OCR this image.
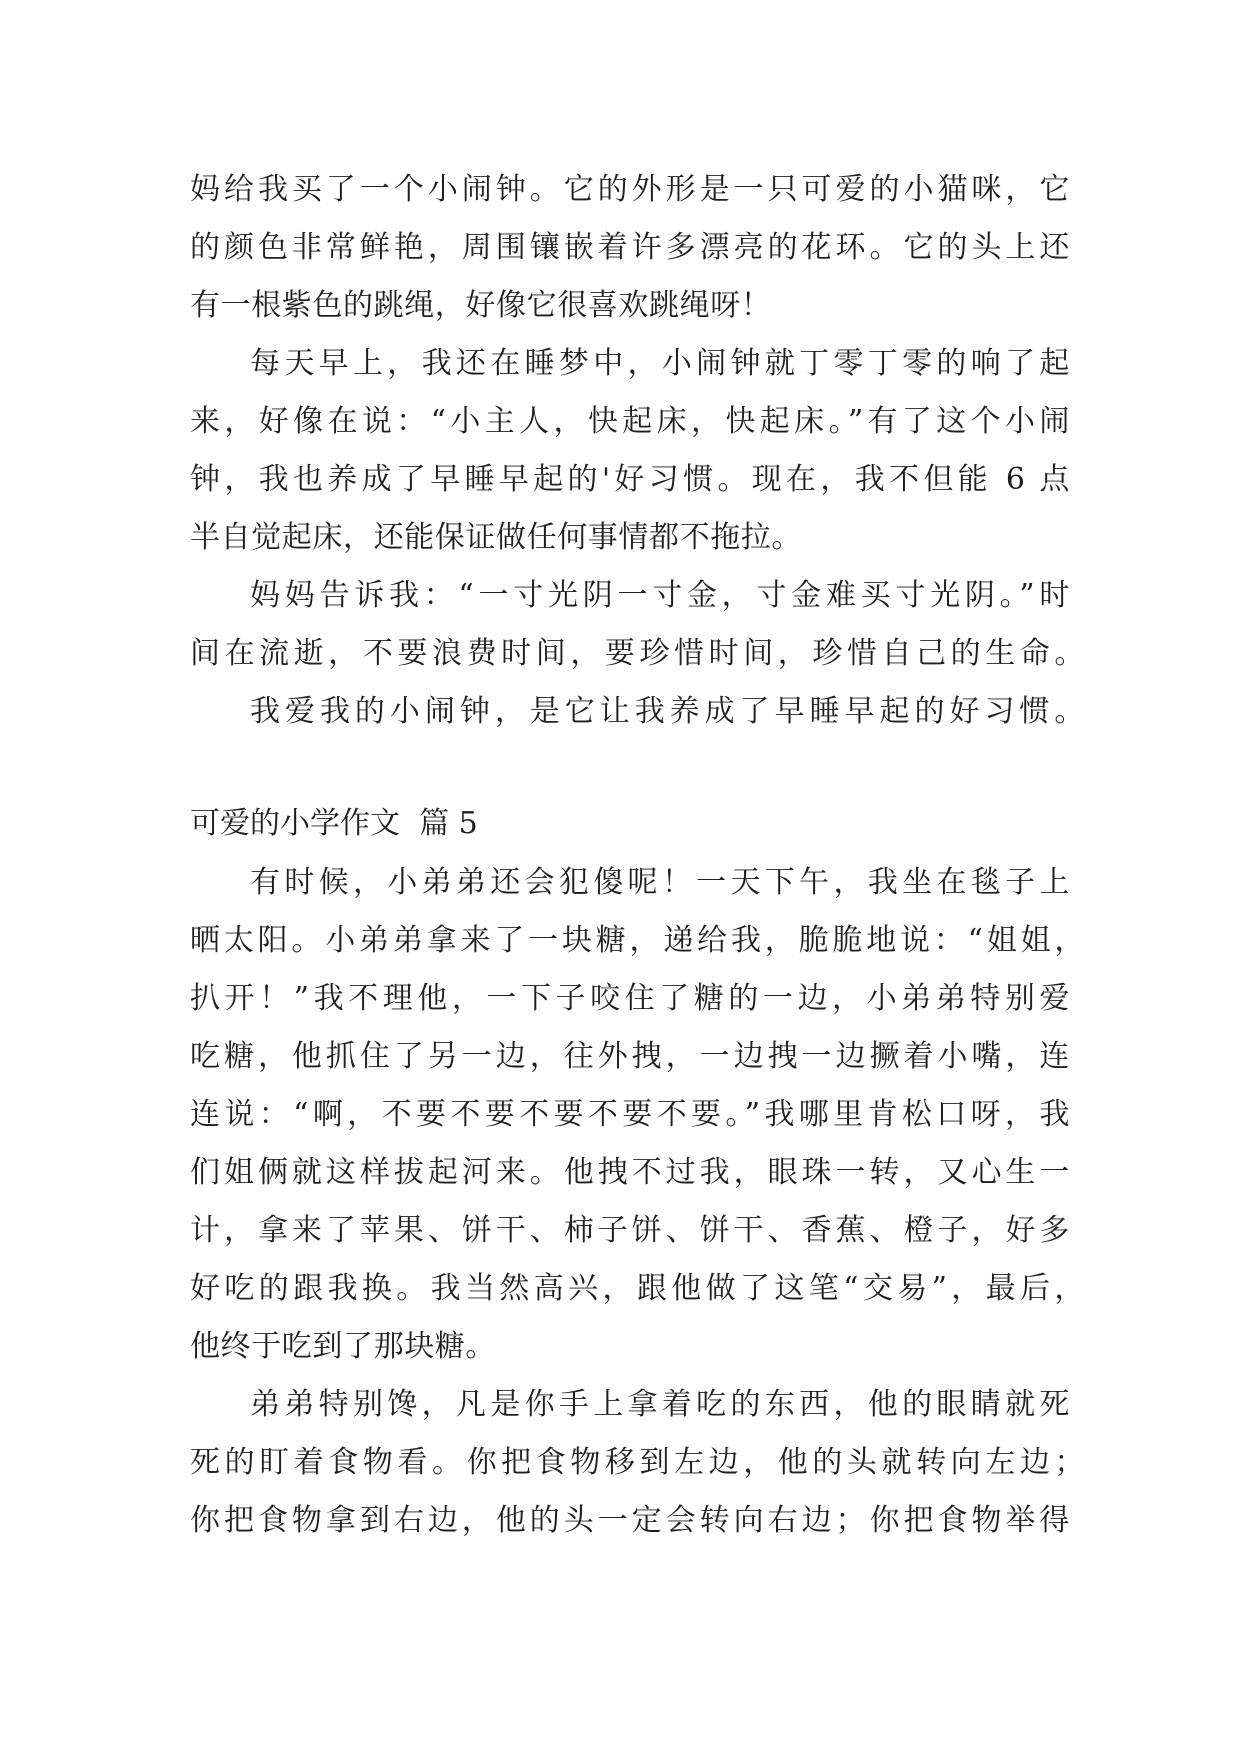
妈给我买了一个小闹钟。它的外形是一只可爱的小猫咪，它
的颜色非常鲜艳，周围镶嵌着许多漂亮的花环。它的头上还
有一根紫色的跳绳，好像它很喜欢跳绳呀！
每天早上，我还在睡梦中，小闹钟就丁零丁零的响了起
来，好像在说：“小主人，快起床，快起床。”有了这个小闹
钟，我也养成了早睡早起的'好习惯。现在，我不但能 6 点
半自觉起床，还能保证做任何事情都不拖拉。
妈妈告诉我：“一寸光阴一寸金，寸金难买寸光阴。”时
间在流逝，不要浪费时间，要珍惜时间，珍惜自己的生命。
我爱我的小闹钟，是它让我养成了早睡早起的好习惯。
可爱的小学作文  篇 5
有时候，小弟弟还会犯傻呢！一天下午，我坐在毯子上
晒太阳。小弟弟拿来了一块糖，递给我，脆脆地说：“姐姐，
扒开！”我不理他，一下子咬住了糖的一边，小弟弟特别爱
吃糖，他抓住了另一边，往外拽，一边拽一边撅着小嘴，连
连说：“啊，不要不要不要不要不要。”我哪里肯松口呀，我
们姐俩就这样拔起河来。他拽不过我，眼珠一转，又心生一
计，拿来了苹果、饼干、柿子饼、饼干、香蕉、橙子，好多
好吃的跟我换。我当然高兴，跟他做了这笔“交易”，最后，
他终于吃到了那块糖。
弟弟特别馋，凡是你手上拿着吃的东西，他的眼睛就死
死的盯着食物看。你把食物移到左边，他的头就转向左边；
你把食物拿到右边，他的头一定会转向右边；你把食物举得
